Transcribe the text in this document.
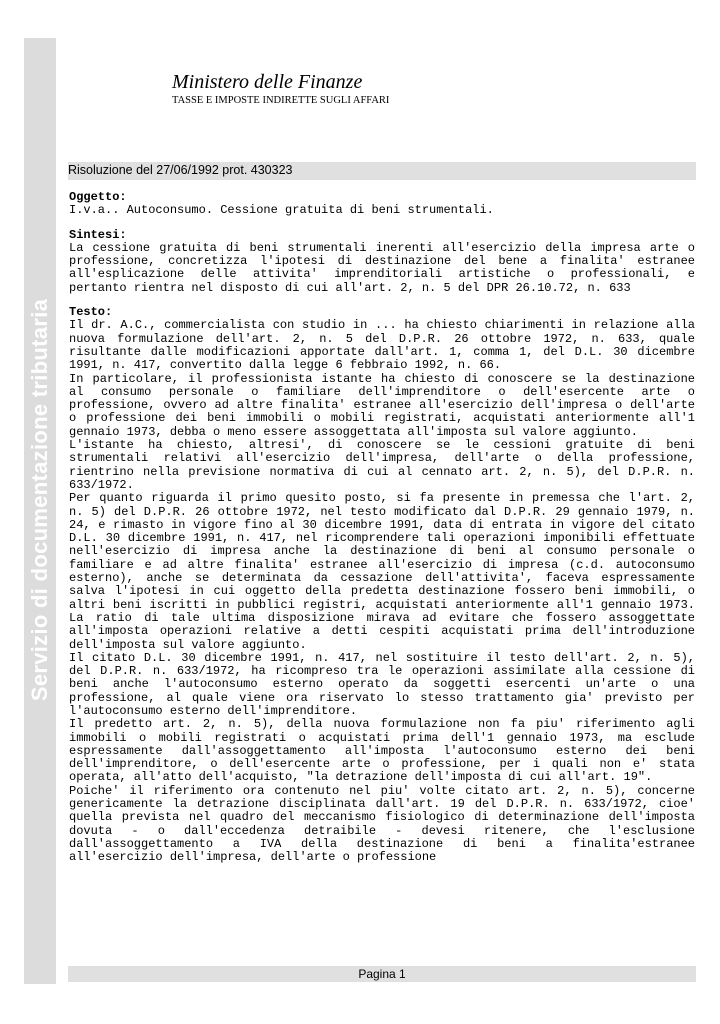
Servizio di documentazione tributaria
Ministero delle Finanze
TASSE E IMPOSTE INDIRETTE SUGLI AFFARI
Risoluzione del 27/06/1992 prot. 430323
Oggetto:
I.v.a.. Autoconsumo. Cessione gratuita di beni strumentali.
Sintesi:
La cessione gratuita di beni strumentali inerenti all'esercizio della impresa arte o professione, concretizza l'ipotesi di destinazione del bene a finalita' estranee all'esplicazione delle attivita' imprenditoriali artistiche o professionali, e pertanto rientra nel disposto di cui all'art. 2, n. 5 del DPR 26.10.72, n. 633
Testo:
Il dr. A.C., commercialista con studio in ... ha chiesto chiarimenti in relazione alla nuova formulazione dell'art. 2, n. 5 del D.P.R. 26 ottobre 1972, n. 633, quale risultante dalle modificazioni apportate dall'art. 1, comma 1, del D.L. 30 dicembre 1991, n. 417, convertito dalla legge 6 febbraio 1992, n. 66.
In particolare, il professionista istante ha chiesto di conoscere se la destinazione al consumo personale o familiare dell'imprenditore o dell'esercente arte o professione, ovvero ad altre finalita' estranee all'esercizio dell'impresa o dell'arte o professione dei beni immobili o mobili registrati, acquistati anteriormente all'1 gennaio 1973, debba o meno essere assoggettata all'imposta sul valore aggiunto.
L'istante ha chiesto, altresi', di conoscere se le cessioni gratuite di beni strumentali relativi all'esercizio dell'impresa, dell'arte o della professione, rientrino nella previsione normativa di cui al cennato art. 2, n. 5), del D.P.R. n. 633/1972.
Per quanto riguarda il primo quesito posto, si fa presente in premessa che l'art. 2, n. 5) del D.P.R. 26 ottobre 1972, nel testo modificato dal D.P.R. 29 gennaio 1979, n. 24, e rimasto in vigore fino al 30 dicembre 1991, data di entrata in vigore del citato D.L. 30 dicembre 1991, n. 417, nel ricomprendere tali operazioni imponibili effettuate nell'esercizio di impresa anche la destinazione di beni al consumo personale o familiare e ad altre finalita' estranee all'esercizio di impresa (c.d. autoconsumo esterno), anche se determinata da cessazione dell'attivita', faceva espressamente salva l'ipotesi in cui oggetto della predetta destinazione fossero beni immobili, o altri beni iscritti in pubblici registri, acquistati anteriormente all'1 gennaio 1973. La ratio di tale ultima disposizione mirava ad evitare che fossero assoggettate all'imposta operazioni relative a detti cespiti acquistati prima dell'introduzione dell'imposta sul valore aggiunto.
Il citato D.L. 30 dicembre 1991, n. 417, nel sostituire il testo dell'art. 2, n. 5), del D.P.R. n. 633/1972, ha ricompreso tra le operazioni assimilate alla cessione di beni anche l'autoconsumo esterno operato da soggetti esercenti un'arte o una professione, al quale viene ora riservato lo stesso trattamento gia' previsto per l'autoconsumo esterno dell'imprenditore.
Il predetto art. 2, n. 5), della nuova formulazione non fa piu' riferimento agli immobili o mobili registrati o acquistati prima dell'1 gennaio 1973, ma esclude espressamente dall'assoggettamento all'imposta l'autoconsumo esterno dei beni dell'imprenditore, o dell'esercente arte o professione, per i quali non e' stata operata, all'atto dell'acquisto, "la detrazione dell'imposta di cui all'art. 19".
Poiche' il riferimento ora contenuto nel piu' volte citato art. 2, n. 5), concerne genericamente la detrazione disciplinata dall'art. 19 del D.P.R. n. 633/1972, cioe' quella prevista nel quadro del meccanismo fisiologico di determinazione dell'imposta dovuta - o dall'eccedenza detraibile - devesi ritenere, che l'esclusione dall'assoggettamento a IVA della destinazione di beni a finalita'estranee all'esercizio dell'impresa, dell'arte o professione
Pagina 1
